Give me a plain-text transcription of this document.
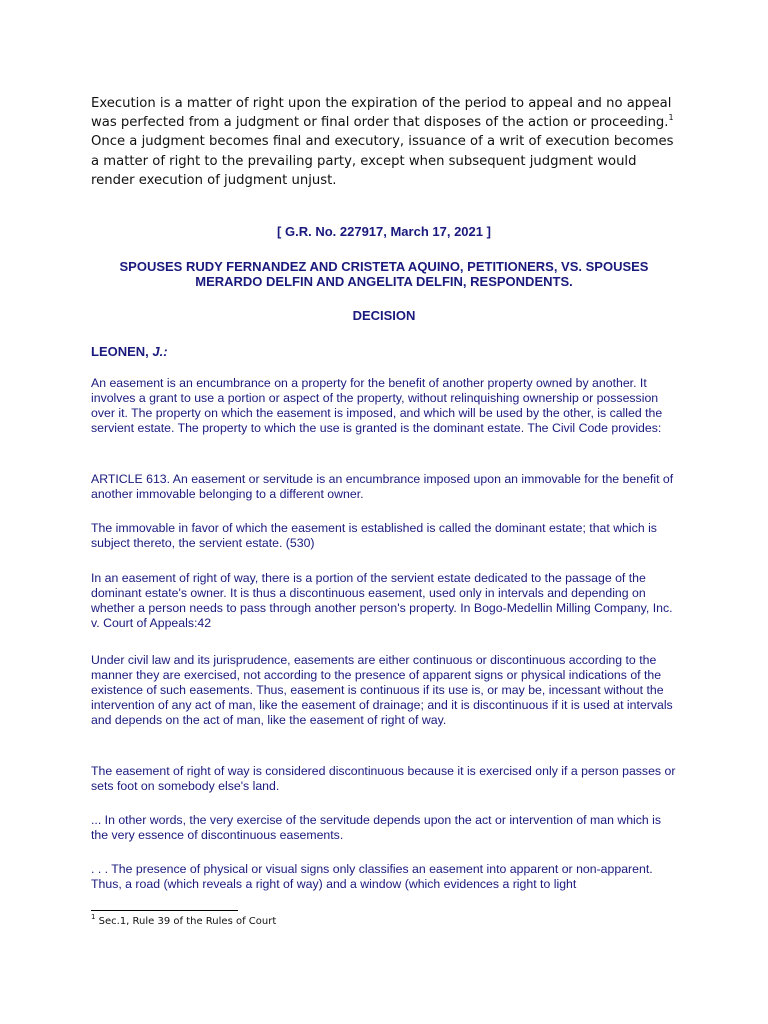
Execution is a matter of right upon the expiration of the period to appeal and no appeal was perfected from a judgment or final order that disposes of the action or proceeding.$^1$ Once a judgment becomes final and executory, issuance of a writ of execution becomes a matter of right to the prevailing party, except when subsequent judgment would render execution of judgment unjust.

[ G.R. No. 227917, March 17, 2021 ]
SPOUSES RUDY FERNANDEZ AND CRISTETA AQUINO, PETITIONERS, VS. SPOUSES MERARDO DELFIN AND ANGELITA DELFIN, RESPONDENTS.
DECISION
LEONEN, J.:

An easement is an encumbrance on a property for the benefit of another property owned by another. It involves a grant to use a portion or aspect of the property, without relinquishing ownership or possession over it. The property on which the easement is imposed, and which will be used by the other, is called the servient estate. The property to which the use is granted is the dominant estate. The Civil Code provides:

ARTICLE 613. An easement or servitude is an encumbrance imposed upon an immovable for the benefit of another immovable belonging to a different owner.

The immovable in favor of which the easement is established is called the dominant estate; that which is subject thereto, the servient estate. (530)

In an easement of right of way, there is a portion of the servient estate dedicated to the passage of the dominant estate's owner. It is thus a discontinuous easement, used only in intervals and depending on whether a person needs to pass through another person's property. In Bogo-Medellin Milling Company, Inc. v. Court of Appeals:42

Under civil law and its jurisprudence, easements are either continuous or discontinuous according to the manner they are exercised, not according to the presence of apparent signs or physical indications of the existence of such easements. Thus, easement is continuous if its use is, or may be, incessant without the intervention of any act of man, like the easement of drainage; and it is discontinuous if it is used at intervals and depends on the act of man, like the easement of right of way.

The easement of right of way is considered discontinuous because it is exercised only if a person passes or sets foot on somebody else's land.

... In other words, the very exercise of the servitude depends upon the act or intervention of man which is the very essence of discontinuous easements.

. . . The presence of physical or visual signs only classifies an easement into apparent or non-apparent. Thus, a road (which reveals a right of way) and a window (which evidences a right to light

$^1$ Sec.1, Rule 39 of the Rules of Court
